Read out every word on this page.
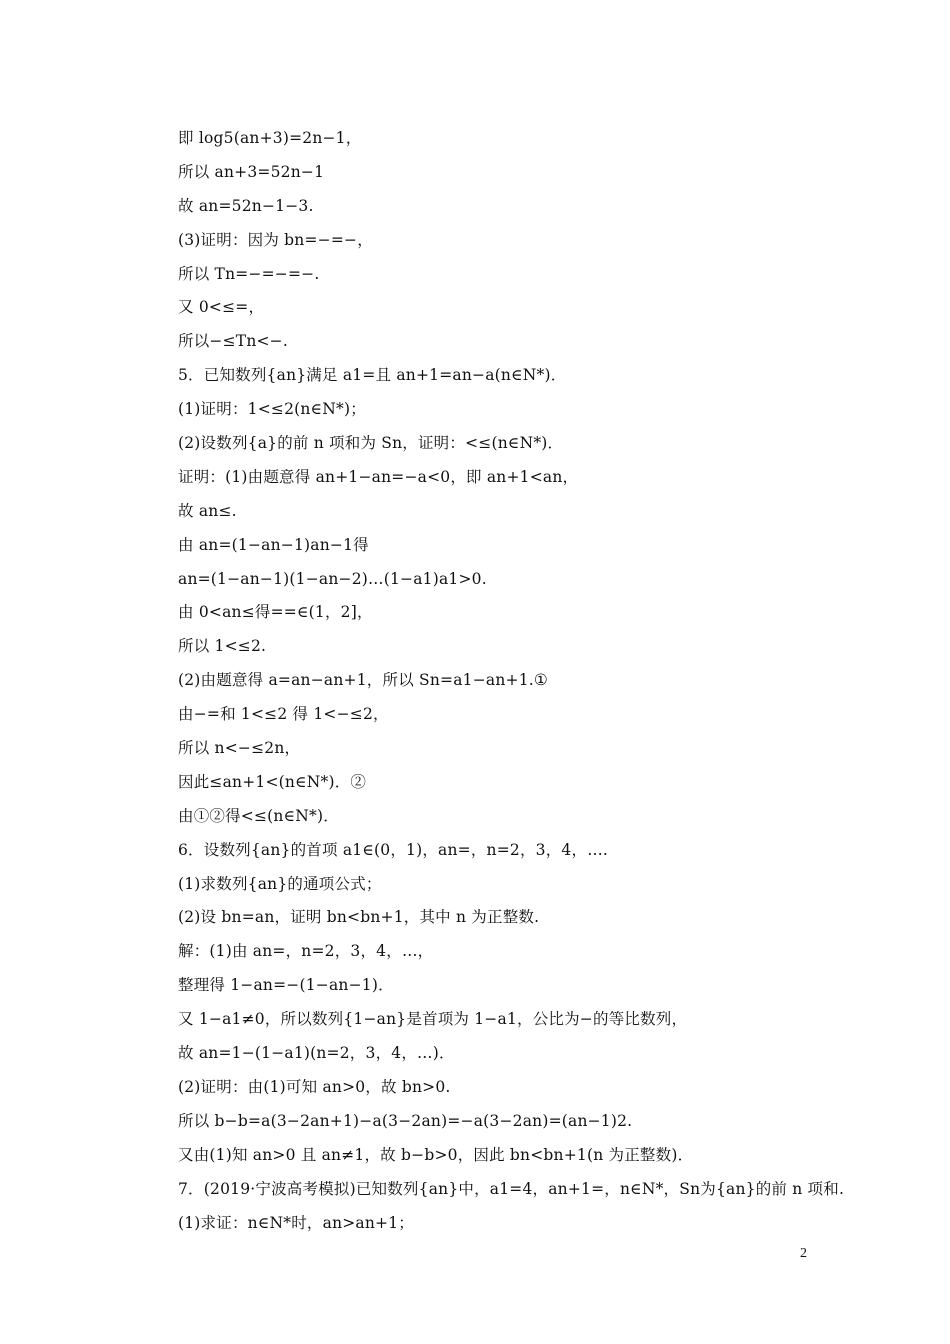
即 log5(an+3)=2n−1，
所以 an+3=52n−1
故 an=52n−1−3.
(3)证明：因为 bn=−=−，
所以 Tn=−=−=−.
又 0<≤=，
所以−≤Tn<−.
5．已知数列{an}满足 a1=且 an+1=an−a(n∈N*)．
(1)证明：1<≤2(n∈N*)；
(2)设数列{a}的前 n 项和为 Sn，证明：<≤(n∈N*)．
证明：(1)由题意得 an+1−an=−a<0，即 an+1<an，
故 an≤.
由 an=(1−an−1)an−1得
an=(1−an−1)(1−an−2)…(1−a1)a1>0.
由 0<an≤得==∈(1，2]，
所以 1<≤2.
(2)由题意得 a=an−an+1，所以 Sn=a1−an+1.①
由−=和 1<≤2 得 1<−≤2，
所以 n<−≤2n，
因此≤an+1<(n∈N*)．②
由①②得<≤(n∈N*)．
6．设数列{an}的首项 a1∈(0，1)，an=，n=2，3，4，….
(1)求数列{an}的通项公式；
(2)设 bn=an，证明 bn<bn+1，其中 n 为正整数.
解：(1)由 an=，n=2，3，4，…，
整理得 1−an=−(1−an−1)．
又 1−a1≠0，所以数列{1−an}是首项为 1−a1，公比为−的等比数列，
故 an=1−(1−a1)(n=2，3，4，…)．
(2)证明：由(1)可知 an>0，故 bn>0.
所以 b−b=a(3−2an+1)−a(3−2an)=−a(3−2an)=(an−1)2.
又由(1)知 an>0 且 an≠1，故 b−b>0，因此 bn<bn+1(n 为正整数)．
7．(2019·宁波高考模拟)已知数列{an}中，a1=4，an+1=，n∈N*，Sn为{an}的前 n 项和.
(1)求证：n∈N*时，an>an+1；
2
